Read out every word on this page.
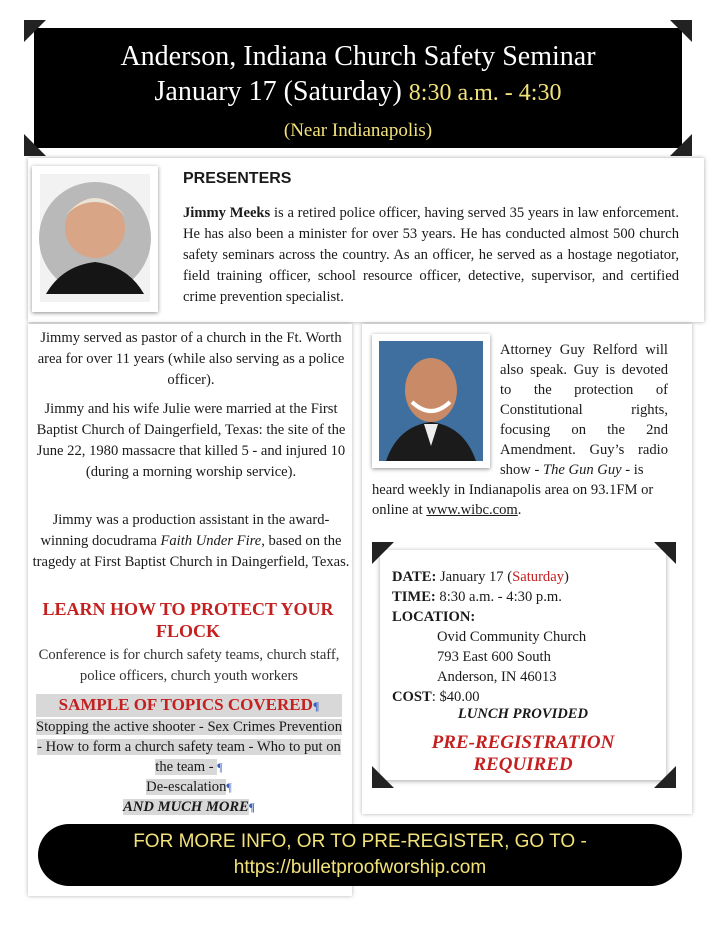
Anderson, Indiana Church Safety Seminar
January 17 (Saturday) 8:30 a.m. - 4:30
(Near Indianapolis)
PRESENTERS
Jimmy Meeks is a retired police officer, having served 35 years in law enforcement. He has also been a minister for over 53 years. He has conducted almost 500 church safety seminars across the country. As an officer, he served as a hostage negotiator, field training officer, school resource officer, detective, supervisor, and certified crime prevention specialist.
Jimmy served as pastor of a church in the Ft. Worth area for over 11 years (while also serving as a police officer).
Jimmy and his wife Julie were married at the First Baptist Church of Daingerfield, Texas: the site of the June 22, 1980 massacre that killed 5 - and injured 10 (during a morning worship service).
Jimmy was a production assistant in the award-winning docudrama Faith Under Fire, based on the tragedy at First Baptist Church in Daingerfield, Texas.
LEARN HOW TO PROTECT YOUR FLOCK
Conference is for church safety teams, church staff, police officers, church youth workers
SAMPLE OF TOPICS COVERED¶
Stopping the active shooter - Sex Crimes Prevention - How to form a church safety team - Who to put on the team - ¶
De-escalation¶
AND MUCH MORE¶
Attorney Guy Relford will also speak. Guy is devoted to the protection of Constitutional rights, focusing on the 2nd Amendment. Guy’s radio show - The Gun Guy - is
heard weekly in Indianapolis area on 93.1FM or online at www.wibc.com.
DATE: January 17 (Saturday)
TIME: 8:30 a.m. - 4:30 p.m.
LOCATION:
Ovid Community Church
793 East 600 South
Anderson, IN 46013
COST: $40.00
LUNCH PROVIDED
PRE-REGISTRATION
REQUIRED
FOR MORE INFO, OR TO PRE-REGISTER, GO TO -
https://bulletproofworship.com
